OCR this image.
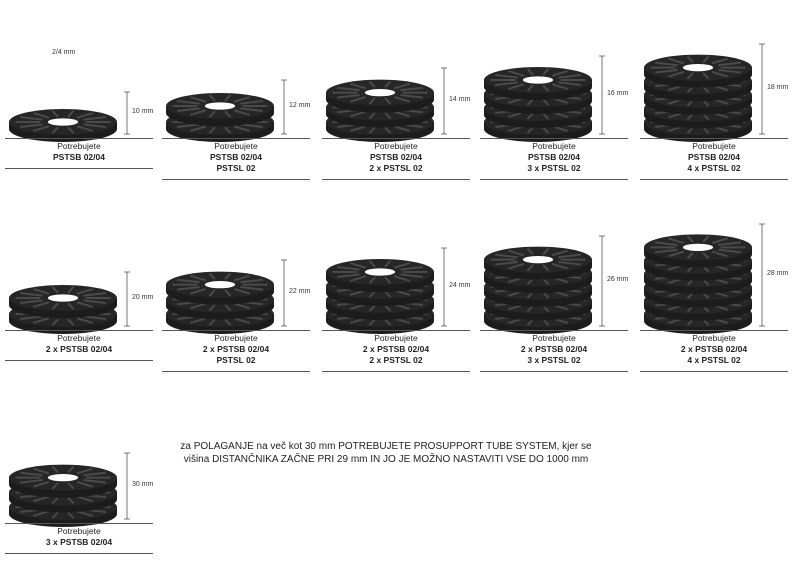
10 mm
Potrebujete
PSTSB 02/04
12 mm
Potrebujete
PSTSB 02/04
PSTSL 02
14 mm
Potrebujete
PSTSB 02/04
2 x PSTSL 02
16 mm
Potrebujete
PSTSB 02/04
3 x PSTSL 02
18 mm
Potrebujete
PSTSB 02/04
4 x PSTSL 02
20 mm
Potrebujete
2 x PSTSB 02/04
22 mm
Potrebujete
2 x PSTSB 02/04
PSTSL 02
24 mm
Potrebujete
2 x PSTSB 02/04
2 x PSTSL 02
26 mm
Potrebujete
2 x PSTSB 02/04
3 x PSTSL 02
28 mm
Potrebujete
2 x PSTSB 02/04
4 x PSTSL 02
30 mm
Potrebujete
3 x PSTSB 02/04
2/4 mm
za POLAGANJE na več kot 30 mm POTREBUJETE PROSUPPORT TUBE SYSTEM, kjer se višina DISTANČNIKA ZAČNE PRI 29 mm IN JO JE MOŽNO NASTAVITI VSE DO 1000 mm
